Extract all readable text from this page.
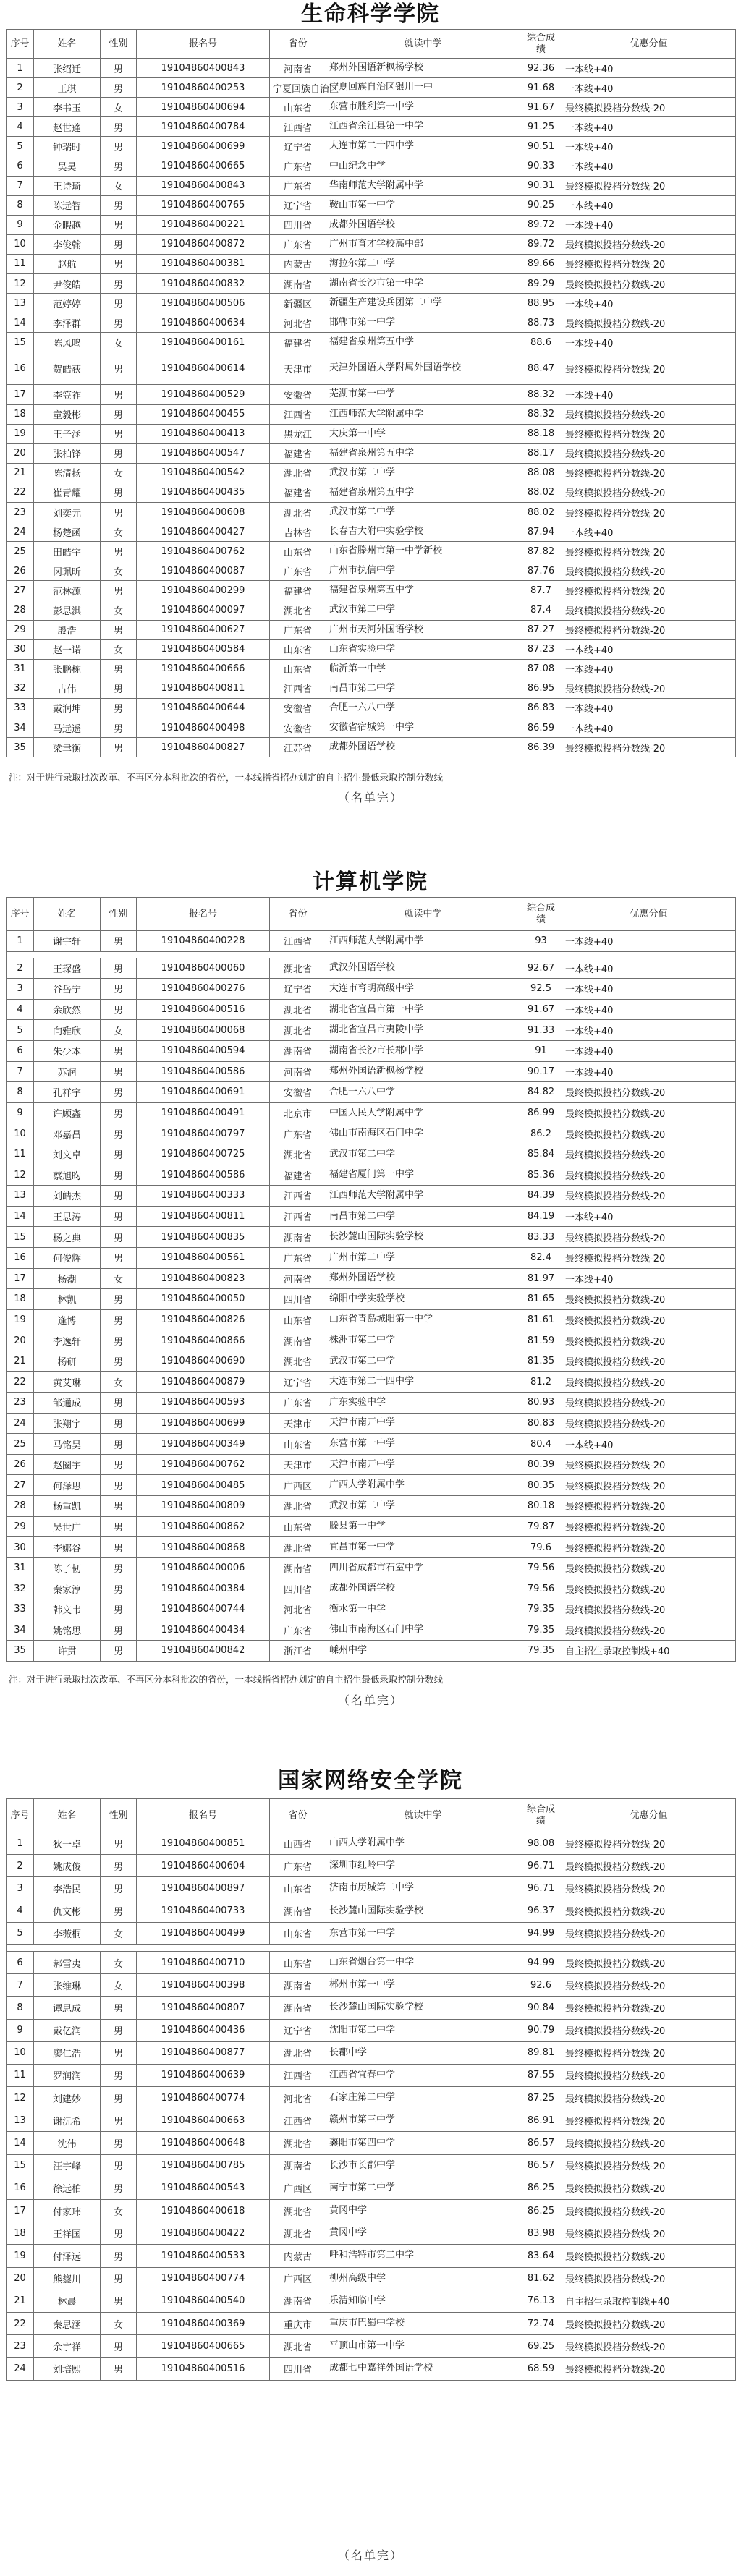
生命科学学院
序号	姓名	性别	报名号	省份	就读中学	综合成绩	优惠分值
1	张绍迁	男	19104860400843	河南省	郑州外国语新枫杨学校	92.36	一本线+40
2	王琪	男	19104860400253	宁夏回族自治区	宁夏回族自治区银川一中	91.68	一本线+40
3	李书玉	女	19104860400694	山东省	东营市胜利第一中学	91.67	最终模拟投档分数线-20
4	赵世蓬	男	19104860400784	江西省	江西省余江县第一中学	91.25	一本线+40
5	钟瑞时	男	19104860400699	辽宁省	大连市第二十四中学	90.51	一本线+40
6	吴昊	男	19104860400665	广东省	中山纪念中学	90.33	一本线+40
7	王诗琦	女	19104860400843	广东省	华南师范大学附属中学	90.31	最终模拟投档分数线-20
8	陈远智	男	19104860400765	辽宁省	鞍山市第一中学	90.25	一本线+40
9	金暇越	男	19104860400221	四川省	成都外国语学校	89.72	一本线+40
10	李俊翰	男	19104860400872	广东省	广州市育才学校高中部	89.72	最终模拟投档分数线-20
11	赵航	男	19104860400381	内蒙古	海拉尔第二中学	89.66	最终模拟投档分数线-20
12	尹俊皓	男	19104860400832	湖南省	湖南省长沙市第一中学	89.29	最终模拟投档分数线-20
13	范婷婷	男	19104860400506	新疆区	新疆生产建设兵团第二中学	88.95	一本线+40
14	李泽群	男	19104860400634	河北省	邯郸市第一中学	88.73	最终模拟投档分数线-20
15	陈风鸣	女	19104860400161	福建省	福建省泉州第五中学	88.6	一本线+40
16	贺皓荻	男	19104860400614	天津市	天津外国语大学附属外国语学校	88.47	最终模拟投档分数线-20
17	李笠祚	男	19104860400529	安徽省	芜湖市第一中学	88.32	一本线+40
18	童毅彬	男	19104860400455	江西省	江西师范大学附属中学	88.32	最终模拟投档分数线-20
19	王子涵	男	19104860400413	黑龙江	大庆第一中学	88.18	最终模拟投档分数线-20
20	张柏锋	男	19104860400547	福建省	福建省泉州第五中学	88.17	最终模拟投档分数线-20
21	陈清扬	女	19104860400542	湖北省	武汉市第二中学	88.08	最终模拟投档分数线-20
22	崔青耀	男	19104860400435	福建省	福建省泉州第五中学	88.02	最终模拟投档分数线-20
23	刘奕元	男	19104860400608	湖北省	武汉市第二中学	88.02	最终模拟投档分数线-20
24	杨楚函	女	19104860400427	吉林省	长春吉大附中实验学校	87.94	一本线+40
25	田皓宇	男	19104860400762	山东省	山东省滕州市第一中学新校	87.82	最终模拟投档分数线-20
26	冈珮昕	女	19104860400087	广东省	广州市执信中学	87.76	最终模拟投档分数线-20
27	范林源	男	19104860400299	福建省	福建省泉州第五中学	87.7	最终模拟投档分数线-20
28	彭思淇	女	19104860400097	湖北省	武汉市第二中学	87.4	最终模拟投档分数线-20
29	殷浩	男	19104860400627	广东省	广州市天河外国语学校	87.27	最终模拟投档分数线-20
30	赵一诺	女	19104860400584	山东省	山东省实验中学	87.23	一本线+40
31	张鹏栋	男	19104860400666	山东省	临沂第一中学	87.08	一本线+40
32	占伟	男	19104860400811	江西省	南昌市第二中学	86.95	最终模拟投档分数线-20
33	戴润坤	男	19104860400644	安徽省	合肥一六八中学	86.83	一本线+40
34	马远遥	男	19104860400498	安徽省	安徽省宿城第一中学	86.59	一本线+40
35	梁聿衡	男	19104860400827	江苏省	成都外国语学校	86.39	最终模拟投档分数线-20
注：对于进行录取批次改革、不再区分本科批次的省份，一本线指省招办划定的自主招生最低录取控制分数线
（名单完）
计算机学院
序号	姓名	性别	报名号	省份	就读中学	综合成绩	优惠分值
1	谢宇轩	男	19104860400228	江西省	江西师范大学附属中学	93	一本线+40

2	王琛盛	男	19104860400060	湖北省	武汉外国语学校	92.67	一本线+40
3	谷岳宁	男	19104860400276	辽宁省	大连市育明高级中学	92.5	一本线+40
4	余欣然	男	19104860400516	湖北省	湖北省宜昌市第一中学	91.67	一本线+40
5	向雅欣	女	19104860400068	湖北省	湖北省宜昌市夷陵中学	91.33	一本线+40
6	朱少本	男	19104860400594	湖南省	湖南省长沙市长郡中学	91	一本线+40
7	苏润	男	19104860400586	河南省	郑州外国语新枫杨学校	90.17	一本线+40
8	孔祥宇	男	19104860400691	安徽省	合肥一六八中学	84.82	最终模拟投档分数线-20
9	许顾鑫	男	19104860400491	北京市	中国人民大学附属中学	86.99	最终模拟投档分数线-20
10	邓嘉昌	男	19104860400797	广东省	佛山市南海区石门中学	86.2	最终模拟投档分数线-20
11	刘文卓	男	19104860400725	湖北省	武汉市第二中学	85.84	最终模拟投档分数线-20
12	蔡旭昀	男	19104860400586	福建省	福建省厦门第一中学	85.36	最终模拟投档分数线-20
13	刘皓杰	男	19104860400333	江西省	江西师范大学附属中学	84.39	最终模拟投档分数线-20
14	王思涛	男	19104860400811	江西省	南昌市第二中学	84.19	一本线+40
15	杨之典	男	19104860400835	湖南省	长沙麓山国际实验学校	83.33	最终模拟投档分数线-20
16	何俊辉	男	19104860400561	广东省	广州市第二中学	82.4	最终模拟投档分数线-20
17	杨潮	女	19104860400823	河南省	郑州外国语学校	81.97	一本线+40
18	林凯	男	19104860400050	四川省	绵阳中学实验学校	81.65	最终模拟投档分数线-20
19	逢博	男	19104860400826	山东省	山东省青岛城阳第一中学	81.61	最终模拟投档分数线-20
20	李逸轩	男	19104860400866	湖南省	株洲市第二中学	81.59	最终模拟投档分数线-20
21	杨研	男	19104860400690	湖北省	武汉市第二中学	81.35	最终模拟投档分数线-20
22	黄艾琳	女	19104860400879	辽宁省	大连市第二十四中学	81.2	最终模拟投档分数线-20
23	邹通成	男	19104860400593	广东省	广东实验中学	80.93	最终模拟投档分数线-20
24	张翔宇	男	19104860400699	天津市	天津市南开中学	80.83	最终模拟投档分数线-20
25	马铭昊	男	19104860400349	山东省	东营市第一中学	80.4	一本线+40
26	赵圈宇	男	19104860400762	天津市	天津市南开中学	80.39	最终模拟投档分数线-20
27	何泽思	男	19104860400485	广西区	广西大学附属中学	80.35	最终模拟投档分数线-20
28	杨重凯	男	19104860400809	湖北省	武汉市第二中学	80.18	最终模拟投档分数线-20
29	吴世广	男	19104860400862	山东省	滕县第一中学	79.87	最终模拟投档分数线-20
30	李娜谷	男	19104860400868	湖北省	宜昌市第一中学	79.6	最终模拟投档分数线-20
31	陈子韧	男	19104860400006	湖南省	四川省成都市石室中学	79.56	最终模拟投档分数线-20
32	秦家淳	男	19104860400384	四川省	成都外国语学校	79.56	最终模拟投档分数线-20
33	韩文韦	男	19104860400744	河北省	衡水第一中学	79.35	最终模拟投档分数线-20
34	姚铭思	男	19104860400434	广东省	佛山市南海区石门中学	79.35	最终模拟投档分数线-20
35	许贯	男	19104860400842	浙江省	嵊州中学	79.35	自主招生录取控制线+40
注：对于进行录取批次改革、不再区分本科批次的省份，一本线指省招办划定的自主招生最低录取控制分数线
（名单完）
国家网络安全学院
序号	姓名	性别	报名号	省份	就读中学	综合成绩	优惠分值
1	狄一卓	男	19104860400851	山西省	山西大学附属中学	98.08	最终模拟投档分数线-20
2	姚成俊	男	19104860400604	广东省	深圳市红岭中学	96.71	最终模拟投档分数线-20
3	李浩民	男	19104860400897	山东省	济南市历城第二中学	96.71	最终模拟投档分数线-20
4	仇文彬	男	19104860400733	湖南省	长沙麓山国际实验学校	96.37	最终模拟投档分数线-20
5	李薇桐	女	19104860400499	山东省	东营市第一中学	94.99	最终模拟投档分数线-20

6	郝雪夷	女	19104860400710	山东省	山东省烟台第一中学	94.99	最终模拟投档分数线-20
7	张维琳	女	19104860400398	湖南省	郴州市第一中学	92.6	最终模拟投档分数线-20
8	谭思成	男	19104860400807	湖南省	长沙麓山国际实验学校	90.84	最终模拟投档分数线-20
9	戴亿润	男	19104860400436	辽宁省	沈阳市第二中学	90.79	最终模拟投档分数线-20
10	廖仁浩	男	19104860400877	湖北省	长郡中学	89.81	最终模拟投档分数线-20
11	罗润润	男	19104860400639	江西省	江西省宜春中学	87.55	最终模拟投档分数线-20
12	刘建妙	男	19104860400774	河北省	石家庄第二中学	87.25	最终模拟投档分数线-20
13	谢沅希	男	19104860400663	江西省	赣州市第三中学	86.91	最终模拟投档分数线-20
14	沈伟	男	19104860400648	湖北省	襄阳市第四中学	86.57	最终模拟投档分数线-20
15	汪宇峰	男	19104860400785	湖南省	长沙市长郡中学	86.57	最终模拟投档分数线-20
16	徐远柏	男	19104860400543	广西区	南宁市第二中学	86.25	最终模拟投档分数线-20
17	付家玮	女	19104860400618	湖北省	黄冈中学	86.25	最终模拟投档分数线-20
18	王祥国	男	19104860400422	湖北省	黄冈中学	83.98	最终模拟投档分数线-20
19	付泽远	男	19104860400533	内蒙古	呼和浩特市第二中学	83.64	最终模拟投档分数线-20
20	熊鋆川	男	19104860400774	广西区	柳州高级中学	81.62	最终模拟投档分数线-20
21	林晨	男	19104860400540	湖南省	乐清知临中学	76.13	自主招生录取控制线+40
22	秦思涵	女	19104860400369	重庆市	重庆市巴蜀中学校	72.74	最终模拟投档分数线-20
23	余宇祥	男	19104860400665	湖北省	平顶山市第一中学	69.25	最终模拟投档分数线-20
24	刘培熙	男	19104860400516	四川省	成都七中嘉祥外国语学校	68.59	最终模拟投档分数线-20
（名单完）
